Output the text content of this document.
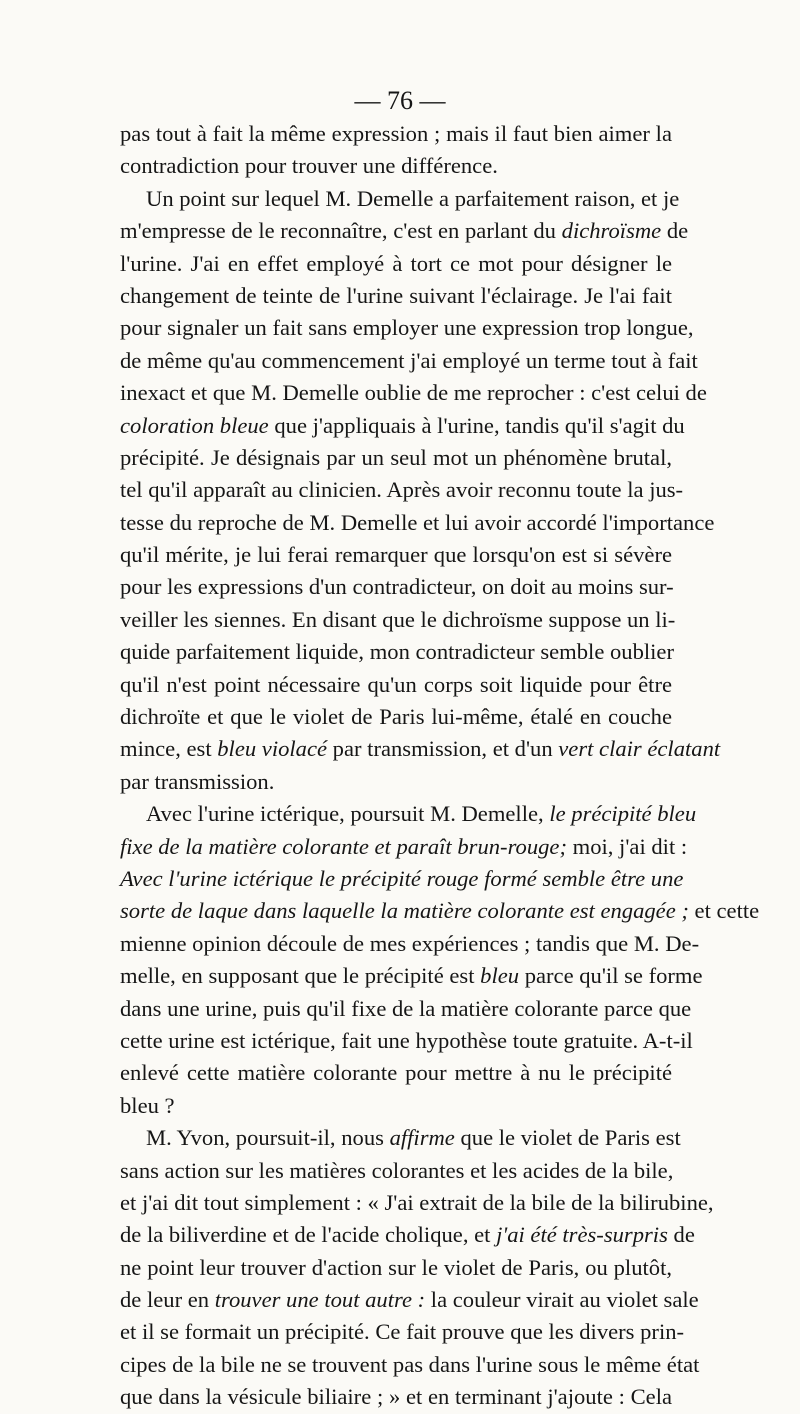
— 76 —
pas tout à fait la même expression ; mais il faut bien aimer la
contradiction pour trouver une différence.
Un point sur lequel M. Demelle a parfaitement raison, et je
m'empresse de le reconnaître, c'est en parlant du dichroïsme de
l'urine. J'ai en effet employé à tort ce mot pour désigner le
changement de teinte de l'urine suivant l'éclairage. Je l'ai fait
pour signaler un fait sans employer une expression trop longue,
de même qu'au commencement j'ai employé un terme tout à fait
inexact et que M. Demelle oublie de me reprocher : c'est celui de
coloration bleue que j'appliquais à l'urine, tandis qu'il s'agit du
précipité. Je désignais par un seul mot un phénomène brutal,
tel qu'il apparaît au clinicien. Après avoir reconnu toute la jus-
tesse du reproche de M. Demelle et lui avoir accordé l'importance
qu'il mérite, je lui ferai remarquer que lorsqu'on est si sévère
pour les expressions d'un contradicteur, on doit au moins sur-
veiller les siennes. En disant que le dichroïsme suppose un li-
quide parfaitement liquide, mon contradicteur semble oublier
qu'il n'est point nécessaire qu'un corps soit liquide pour être
dichroïte et que le violet de Paris lui-même, étalé en couche
mince, est bleu violacé par transmission, et d'un vert clair éclatant
par transmission.
Avec l'urine ictérique, poursuit M. Demelle, le précipité bleu
fixe de la matière colorante et paraît brun-rouge; moi, j'ai dit :
Avec l'urine ictérique le précipité rouge formé semble être une
sorte de laque dans laquelle la matière colorante est engagée ; et cette
mienne opinion découle de mes expériences ; tandis que M. De-
melle, en supposant que le précipité est bleu parce qu'il se forme
dans une urine, puis qu'il fixe de la matière colorante parce que
cette urine est ictérique, fait une hypothèse toute gratuite. A-t-il
enlevé cette matière colorante pour mettre à nu le précipité
bleu ?
M. Yvon, poursuit-il, nous affirme que le violet de Paris est
sans action sur les matières colorantes et les acides de la bile,
et j'ai dit tout simplement : « J'ai extrait de la bile de la bilirubine,
de la biliverdine et de l'acide cholique, et j'ai été très-surpris de
ne point leur trouver d'action sur le violet de Paris, ou plutôt,
de leur en trouver une tout autre : la couleur virait au violet sale
et il se formait un précipité. Ce fait prouve que les divers prin-
cipes de la bile ne se trouvent pas dans l'urine sous le même état
que dans la vésicule biliaire ; » et en terminant j'ajoute : Cela
